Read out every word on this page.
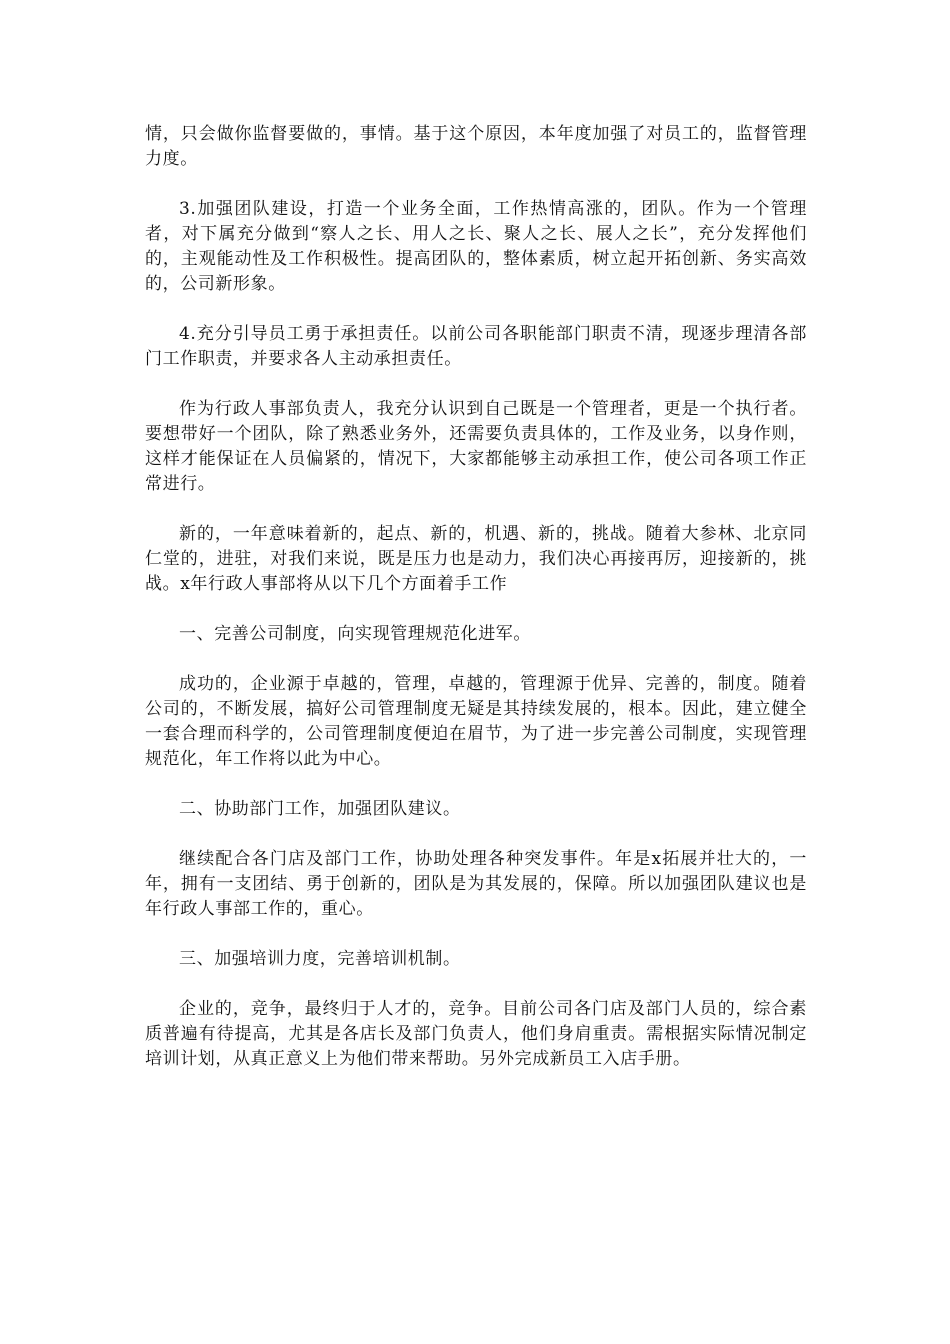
情，只会做你监督要做的，事情。基于这个原因，本年度加强了对员工的，监督管理力度。

3.加强团队建设，打造一个业务全面，工作热情高涨的，团队。作为一个管理者，对下属充分做到“察人之长、用人之长、聚人之长、展人之长”，充分发挥他们的，主观能动性及工作积极性。提高团队的，整体素质，树立起开拓创新、务实高效的，公司新形象。

4.充分引导员工勇于承担责任。以前公司各职能部门职责不清，现逐步理清各部门工作职责，并要求各人主动承担责任。

作为行政人事部负责人，我充分认识到自己既是一个管理者，更是一个执行者。要想带好一个团队，除了熟悉业务外，还需要负责具体的，工作及业务，以身作则，这样才能保证在人员偏紧的，情况下，大家都能够主动承担工作，使公司各项工作正常进行。

新的，一年意味着新的，起点、新的，机遇、新的，挑战。随着大参林、北京同仁堂的，进驻，对我们来说，既是压力也是动力，我们决心再接再厉，迎接新的，挑战。x年行政人事部将从以下几个方面着手工作

一、完善公司制度，向实现管理规范化进军。

成功的，企业源于卓越的，管理，卓越的，管理源于优异、完善的，制度。随着公司的，不断发展，搞好公司管理制度无疑是其持续发展的，根本。因此，建立健全一套合理而科学的，公司管理制度便迫在眉节，为了进一步完善公司制度，实现管理规范化，年工作将以此为中心。

二、协助部门工作，加强团队建议。

继续配合各门店及部门工作，协助处理各种突发事件。年是x拓展并壮大的，一年，拥有一支团结、勇于创新的，团队是为其发展的，保障。所以加强团队建议也是年行政人事部工作的，重心。

三、加强培训力度，完善培训机制。

企业的，竞争，最终归于人才的，竞争。目前公司各门店及部门人员的，综合素质普遍有待提高，尤其是各店长及部门负责人，他们身肩重责。需根据实际情况制定培训计划，从真正意义上为他们带来帮助。另外完成新员工入店手册。
